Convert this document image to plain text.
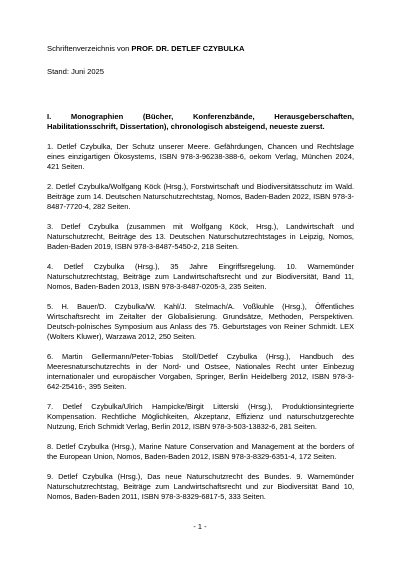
Schriftenverzeichnis von PROF. DR. DETLEF CZYBULKA
Stand: Juni 2025
I. Monographien (Bücher, Konferenzbände, Herausgeberschaften, Habilitationsschrift, Dissertation), chronologisch absteigend, neueste zuerst.
1. Detlef Czybulka, Der Schutz unserer Meere. Gefährdungen, Chancen und Rechtslage eines einzigartigen Ökosystems, ISBN 978-3-96238-388-6, oekom Verlag, München 2024, 421 Seiten.
2. Detlef Czybulka/Wolfgang Köck (Hrsg.), Forstwirtschaft und Biodiversitätsschutz im Wald. Beiträge zum 14. Deutschen Naturschutzrechtstag, Nomos, Baden-Baden 2022, ISBN 978-3-8487-7720-4, 282 Seiten.
3. Detlef Czybulka (zusammen mit Wolfgang Köck, Hrsg.), Landwirtschaft und Naturschutzrecht, Beiträge des 13. Deutschen Naturschutzrechtstages in Leipzig, Nomos, Baden-Baden 2019, ISBN 978-3-8487-5450-2, 218 Seiten.
4. Detlef Czybulka (Hrsg.), 35 Jahre Eingriffsregelung. 10. Warnemünder Naturschutzrechtstag, Beiträge zum Landwirtschaftsrecht und zur Biodiversität, Band 11, Nomos, Baden-Baden 2013, ISBN 978-3-8487-0205-3, 235 Seiten.
5. H. Bauer/D. Czybulka/W. Kahl/J. Stelmach/A. Voßkuhle (Hrsg.), Öffentliches Wirtschaftsrecht im Zeitalter der Globalisierung. Grundsätze, Methoden, Perspektiven. Deutsch-polnisches Symposium aus Anlass des 75. Geburtstages von Reiner Schmidt. LEX (Wolters Kluwer), Warzawa 2012, 250 Seiten.
6. Martin Gellermann/Peter-Tobias Stoll/Detlef Czybulka (Hrsg.), Handbuch des Meeresnaturschutzrechts in der Nord- und Ostsee, Nationales Recht unter Einbezug internationaler und europäischer Vorgaben, Springer, Berlin Heidelberg 2012, ISBN 978-3-642-25416-, 395 Seiten.
7. Detlef Czybulka/Ulrich Hampicke/Birgit Litterski (Hrsg.), Produktionsintegrierte Kompensation. Rechtliche Möglichkeiten, Akzeptanz, Effizienz und naturschutzgerechte Nutzung, Erich Schmidt Verlag, Berlin 2012, ISBN 978-3-503-13832-6, 281 Seiten.
8. Detlef Czybulka (Hrsg.), Marine Nature Conservation and Management at the borders of the European Union, Nomos, Baden-Baden 2012, ISBN 978-3-8329-6351-4, 172 Seiten.
9. Detlef Czybulka (Hrsg.), Das neue Naturschutzrecht des Bundes. 9. Warnemünder Naturschutzrechtstag, Beiträge zum Landwirtschaftsrecht und zur Biodiversität Band 10, Nomos, Baden-Baden 2011, ISBN 978-3-8329-6817-5, 333 Seiten.
- 1 -
